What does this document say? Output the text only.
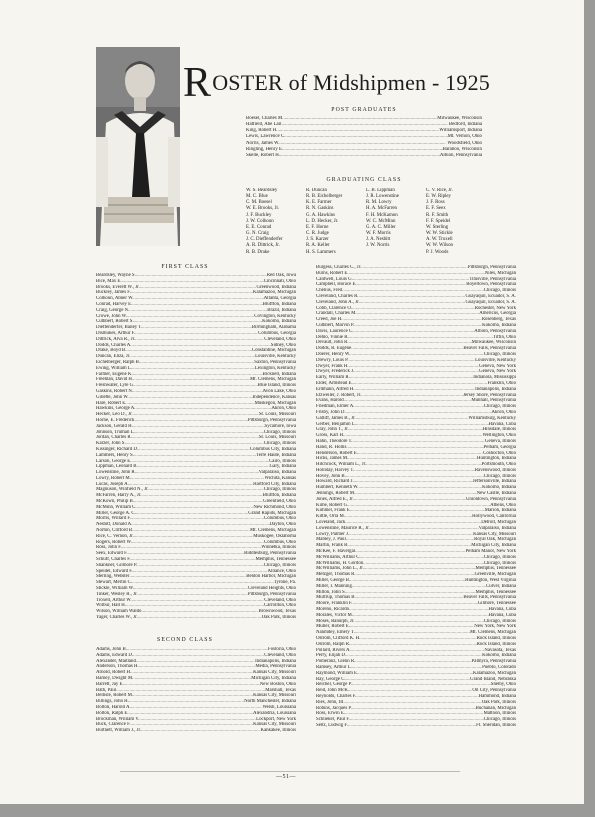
ROSTER of Midshipmen - 1925
POST GRADUATES
Boesel, Charles M. .....	Milwaukee, Wisconsin
Hatfield, Abe Lail .....	Bedford, Indiana
King, Robert H. .....	Williamsport, Indiana
Lewis, Lawrence C. .....	Mt. Vernon, Ohio
Norris, James W. .....	Woodsfield, Ohio
Ringling, Henry E. .....	Baraboo, Wisconsin
Skelle, Robert H. .....	Albion, Pennsylvania
GRADUATING CLASS
W. S. Beardsley
M. C. Blue
C. M. Boesel
W. E. Brooks, Jr.
J. F. Buckley
J. W. Colhoun
E. E. Conrad
G. N. Craig
J. C. Dieffenderfer
A. R. Dittrick, Jr.
R. B. Drake
R. Duncan
R. B. Eichelberger
K. E. Farmer
R. N. Gaskins
G. A. Hawkins
L. D. Hecker, Jr.
E. F. Horne
C. R. Judge
J. S. Karzer
R. A. Keller
H. S. Lammers
L. B. Lippman
J. R. Lowenstine
R. M. Lowry
H. A. McFarren
F. H. McKamon
W. C. McMinn
G. A. C. Miller
W. F. Morris
J. A. Nesbitt
J. W. Norris
C. V. Rice, Jr.
E. W. Ripley
J. F. Ross
E. F. Seex
R. F. Smith
F. F. Speidel
W. Sterling
W. W. Stickle
A. W. Troxell
W. W. Wilson
P. J. Woods
FIRST CLASS
Beardsley, Wayne S. .....	Red Oak, Iowa
Bice, Max E. .....	Cincinnati, Ohio
Brooks, Everett W., Jr. .....	Greenwood, Indiana
Buckley, James F. .....	Kalamazoo, Michigan
Colhoun, Abner W. .....	Atlanta, Georgia
Conrad, Harvey E. .....	Bluffton, Indiana
Craig, George N. .....	Brazil, Indiana
Crowe, John W. .....	Covington, Kentucky
Cuthbert, Robert S. .....	Kokomo, Indiana
Dieffenderfer, Bailey T. .....	Birmingham, Alabama
Dismukes, Arthur F. .....	Columbus, Georgia
Dittrick, Alva R., Jr. .....	Cleveland, Ohio
Dodds, Charles A. .....	Sidney, Ohio
Drake, Boyd B. .....	Constantine, Michigan
Duncan, Eliza, Jr. .....	Louisville, Kentucky
Eichelberger, Ralph B. .....	Saxton, Pennsylvania
Ewing, William L. .....	Lexington, Kentucky
Farmer, Eugene K. .....	Bicknell, Indiana
Freeman, David H. .....	Mt. Clemens, Michigan
Freshwater, Lyle G. .....	Blue Island, Illinois
Gaskins, Robert N. .....	Avon Lake, Ohio
Gillette, John W. .....	Independence, Kansas
Hare, Robert E. .....	Muskegon, Michigan
Hawkins, George A. .....	Akron, Ohio
Hecker, Leo D., Jr. .....	St. Louis, Missouri
Horne, E. Frederick .....	Pittsburgh, Pennsylvania
Jackson, Gerald H. .....	Sycamore, Iowa
Johnson, Truman L. .....	Chicago, Illinois
Jordan, Charles R. .....	St. Louis, Missouri
Karzer, John S. .....	Chicago, Illinois
Kissinger, Richard D. .....	Columbus City, Indiana
Lammers, Henry S. .....	Terre Haute, Indiana
Larson, George E. .....	Cairo, Illinois
Lippman, Leonard B. .....	Gary, Indiana
Lowenstine, John R. .....	Valparaiso, Indiana
Lowry, Robert M. .....	Wichita, Kansas
Lucas, Joseph A. .....	Hartford City, Indiana
Magnuson, Winfield N., Jr. .....	Chicago, Illinois
McFarren, Harry A., Jr. .....	Bluffton, Indiana
McKown, Philip B. .....	Greenfield, Ohio
McMinn, William C. .....	New Richmond, Ohio
Miller, George A. C. .....	Grand Rapids, Michigan
Morris, Willard F. .....	Columbus, Ohio
Nesbitt, Donald A. .....	Dayton, Ohio
Norton, Clifford B. .....	Mt. Clemens, Michigan
Rice, C. Vernon, Jr. .....	Muskogee, Oklahoma
Rogers, Robert W. .....	Columbus, Ohio
Ross, John F. .....	Winnetka, Illinois
Seex, Edward F. .....	Riddlesburg, Pennsylvania
Schuff, Charles F. .....	Memphis, Tennessee
Shankner, Gilmore P. .....	Chicago, Illinois
Speidel, Edward F. .....	Alliance, Ohio
Sterling, Webster .....	Benton Harbor, Michigan
Stewart, Merlin C. .....	Tyrone, Pa.
Stickle, William W. .....	Cleveland Heights, Ohio
Tinker, Wesley R., Jr. .....	Pittsburgh, Pennsylvania
Troxell, Arthur W. .....	Cleveland, Ohio
Wilbur, Hall H. .....	Carrollton, Ohio
Wilson, William Waldo .....	Brownwood, Texas
Yager, Charles W., Jr. .....	Oak Park, Illinois
SECOND CLASS
Adams, John B. .....	Fostoria, Ohio
Adams, Edward D. .....	Cleveland, Ohio
Alexander, Maitland .....	Indianapolis, Indiana
Anderson, Thomas H. .....	Media, Pennsylvania
Arnold, Robert H. .....	Kansas City, Missouri
Barney, Dwight M. .....	Michigan City, Indiana
Barrett, Jay E. .....	New Boston, Ohio
Bath, Paul .....	Marshall, Texas
Bellisle, Robert M. .....	Kansas City, Missouri
Billings, John H. .....	North Manchester, Indiana
Bolton, Harold A. .....	Welsh, Louisiana
Bolton, Ralph E. .....	Alexandria, Louisiana
Brockman, William V. .....	Lockport, New York
Buck, Clarence F. .....	Kansas City, Missouri
Burtnett, William J., Jr. .....	Kankakee, Illinois
Burgess, Charles C., Jr. .....	Pittsburgh, Pennsylvania
Burns, Robert E. .....	Niles, Michigan
Caldwell, Louis G. .....	Titusville, Pennsylvania
Campbell, Horace E. .....	Boyertown, Pennsylvania
Chelius, Fred .....	Chicago, Illinois
Cleveland, Charles R. .....	Guayaquil, Ecuador, S. A.
Cleveland, John A., Jr. .....	Guayaquil, Ecuador, S. A.
Cobb, Clarence O. .....	Rochester, New York
Crandall, Charles M. .....	Americus, Georgia
Creed, Joe H. .....	Rosenberg, Texas
Cuthbert, Marvin P. .....	Kokomo, Indiana
Davis, Laurence C. .....	Albion, Pennsylvania
Dehlo, Vinnie R. .....	Tiffin, Ohio
Devault, John R. .....	Milwaukee, Wisconsin
Dodds, R. Eugene .....	Beaver Falls, Pennsylvania
Doerer, Henry W. .....	Chicago, Illinois
Drewry, Louis P. .....	Louisville, Kentucky
Dwyer, Frank H. .....	Geneva, New York
Dwyer, Frederick J. .....	Geneva, New York
Early, William R. .....	Indianola, Mississippi
Elder, Armstead E. .....	Franklin, Ohio
Erdmann, Alfred H. .....	Indianapolis, Indiana
Etzweiler, J. Robert, Jr. .....	Jersey Shore, Pennsylvania
Evans, Harold .....	Munhall, Pennsylvania
Friedman, Elmer A. .....	Chicago, Illinois
Frisby, John D. .....	Akron, Ohio
Gatliff, James B., Jr. .....	Williamsburg, Kentucky
Gerber, Benjamin L. .....	Havana, Cuba
Gray, John T., Jr. .....	Hinsdale, Illinois
Gross, Karl H. .....	Wellington, Ohio
Hahn, Theodore T. .....	Geneva, Illinois
Hand, R. Hollis .....	Pelham, Georgia
Henderson, Robert E. .....	Coshocton, Ohio
Hicks, James M. .....	Huntington, Indiana
Hitchcock, William L., Jr. .....	Portsmouth, Ohio
Holliday, Harvey T. .....	Ravenswood, Illinois
Hovey, John B. .....	Chicago, Illinois
Howard, Richard J. .....	Jeffersonville, Indiana
Humbert, Kenneth W. .....	Kokomo, Indiana
Jennings, Robert M. .....	New Castle, Indiana
Jones, Alfred E., Jr. .....	Uniontown, Pennsylvania
Kime, Robert G. .....	Athens, Ohio
Kimmel, Frank E. .....	Marion, Indiana
Kittle, Orra M. .....	Hollywood, California
Loveland, Jack .....	Detroit, Michigan
Lowenstine, Maurice R., Jr. .....	Valparaiso, Indiana
Lowry, Palmer J. .....	Kansas City, Missouri
Mabley, J. Paul .....	Royal Oak, Michigan
Martin, Frank R. .....	Michigan City, Indiana
McKee, F. Havergal .....	Pelham Manor, New York
McWilliams, Arthur C. .....	Chicago, Illinois
McWilliams, H. Gordon .....	Chicago, Illinois
McWilliams, John L., Jr. .....	Memphis, Tennessee
Metzger, Thomas R. .....	Greenville, Michigan
Miller, George B. .....	Huntington, West Virginia
Miller, I. Manning .....	Culver, Indiana
Milton, John S. .....	Memphis, Tennessee
Mulfrup, Thomas B. .....	Beaver Falls, Pennsylvania
Moore, Franklin F. .....	Gilmore, Tennessee
Moreno, Ricardo .....	Havana, Cuba
Morales, Victor M. .....	Havana, Cuba
Moses, Ranulph, Jr. .....	Chicago, Illinois
Muller, Robert E. .....	New York, New York
Nanmdey, Emery T. .....	Mt. Clemens, Michigan
Ostrom, Clifford K. H. .....	Rock Island, Illinois
Ostrom, Ralph R. .....	Rock Island, Illinois
Pollard, Rivers A. .....	Navasota, Texas
Perry, Elijah D. .....	Kokomo, Indiana
Pomeranz, Glenn R. .....	Palmyra, Pennsylvania
Ramsey, Arthur L. .....	Pueblo, Colorado
Raymond, William E. .....	Kalamazoo, Michigan
Ray, George C. .....	Grand Island, Nebraska
Reichel, George P. .....	Shelby, Ohio
Reid, John McK. .....	Oil City, Pennsylvania
Reynolds, Charles F. .....	Hammond, Indiana
Ries, John, III .....	Oak Park, Illinois
Robins, Jacques P. .....	Buchanan, Michigan
Ross, Erwin E. .....	Mattoon, Illinois
Schlieker, Paul F. .....	Chicago, Illinois
Seltz, Ludwig F. .....	Ft. Sheridan, Illinois
—51—
